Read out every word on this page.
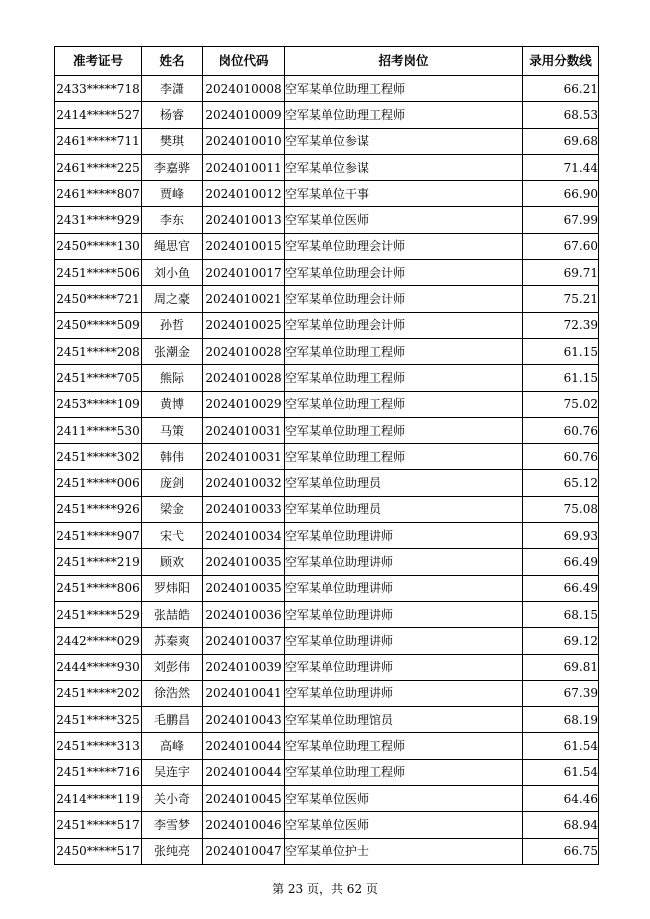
准考证号	姓名	岗位代码	招考岗位	录用分数线
2433*****718	李潇	2024010008	空军某单位助理工程师	66.21
2414*****527	杨睿	2024010009	空军某单位助理工程师	68.53
2461*****711	樊琪	2024010010	空军某单位参谋	69.68
2461*****225	李嘉骅	2024010011	空军某单位参谋	71.44
2461*****807	贾峰	2024010012	空军某单位干事	66.90
2431*****929	李东	2024010013	空军某单位医师	67.99
2450*****130	绳思官	2024010015	空军某单位助理会计师	67.60
2451*****506	刘小鱼	2024010017	空军某单位助理会计师	69.71
2450*****721	周之豪	2024010021	空军某单位助理会计师	75.21
2450*****509	孙哲	2024010025	空军某单位助理会计师	72.39
2451*****208	张潮金	2024010028	空军某单位助理工程师	61.15
2451*****705	熊际	2024010028	空军某单位助理工程师	61.15
2453*****109	黄博	2024010029	空军某单位助理工程师	75.02
2411*****530	马策	2024010031	空军某单位助理工程师	60.76
2451*****302	韩伟	2024010031	空军某单位助理工程师	60.76
2451*****006	庞剑	2024010032	空军某单位助理员	65.12
2451*****926	梁金	2024010033	空军某单位助理员	75.08
2451*****907	宋弋	2024010034	空军某单位助理讲师	69.93
2451*****219	顾欢	2024010035	空军某单位助理讲师	66.49
2451*****806	罗炜阳	2024010035	空军某单位助理讲师	66.49
2451*****529	张喆皓	2024010036	空军某单位助理讲师	68.15
2442*****029	苏秦爽	2024010037	空军某单位助理讲师	69.12
2444*****930	刘彭伟	2024010039	空军某单位助理讲师	69.81
2451*****202	徐浩然	2024010041	空军某单位助理讲师	67.39
2451*****325	毛鹏昌	2024010043	空军某单位助理馆员	68.19
2451*****313	高峰	2024010044	空军某单位助理工程师	61.54
2451*****716	吴连宇	2024010044	空军某单位助理工程师	61.54
2414*****119	关小奇	2024010045	空军某单位医师	64.46
2451*****517	李雪梦	2024010046	空军某单位医师	68.94
2450*****517	张纯亮	2024010047	空军某单位护士	66.75
第 23 页，共 62 页
